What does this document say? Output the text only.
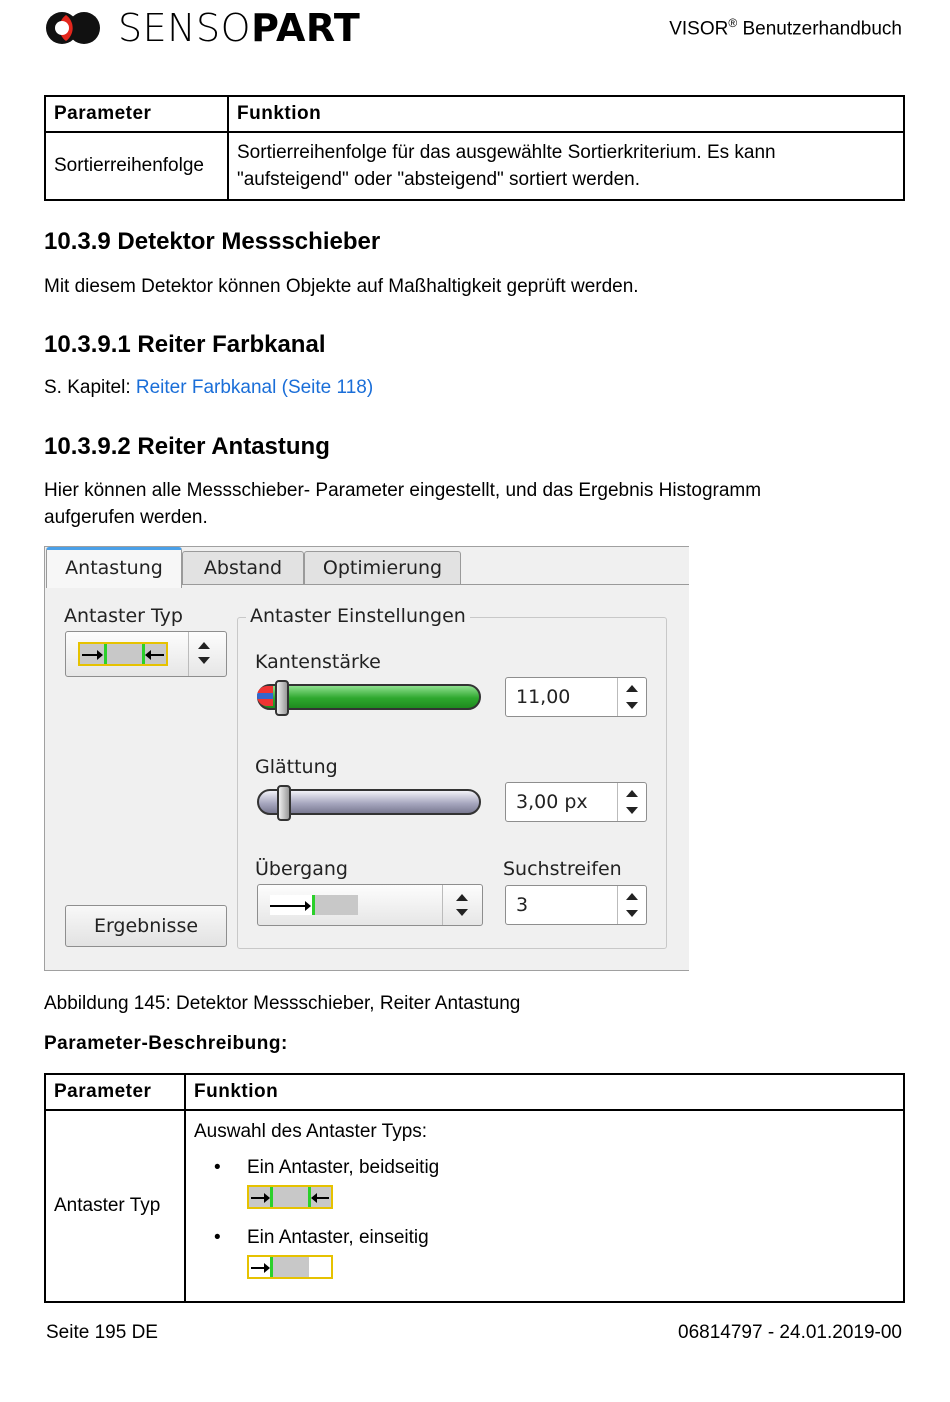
SENSOPART	VISOR® Benutzerhandbuch
Parameter	Funktion
Sortierreihenfolge	Sortierreihenfolge für das ausgewählte Sortierkriterium. Es kann
"aufsteigend" oder "absteigend" sortiert werden.
10.3.9 Detektor Messschieber
Mit diesem Detektor können Objekte auf Maßhaltigkeit geprüft werden.
10.3.9.1 Reiter Farbkanal
S. Kapitel: Reiter Farbkanal (Seite 118)
10.3.9.2 Reiter Antastung
Hier können alle Messschieber- Parameter eingestellt, und das Ergebnis Histogramm
aufgerufen werden.
Antastung	Abstand	Optimierung
Antaster Typ
Ergebnisse
Antaster Einstellungen
Kantenstärke
11,00
Glättung
3,00 px
Übergang	Suchstreifen
3
Abbildung 145: Detektor Messschieber, Reiter Antastung
Parameter-Beschreibung:
Parameter	Funktion
Antaster Typ	Auswahl des Antaster Typs:
• Ein Antaster, beidseitig
• Ein Antaster, einseitig
Seite 195 DE	06814797 - 24.01.2019-00
